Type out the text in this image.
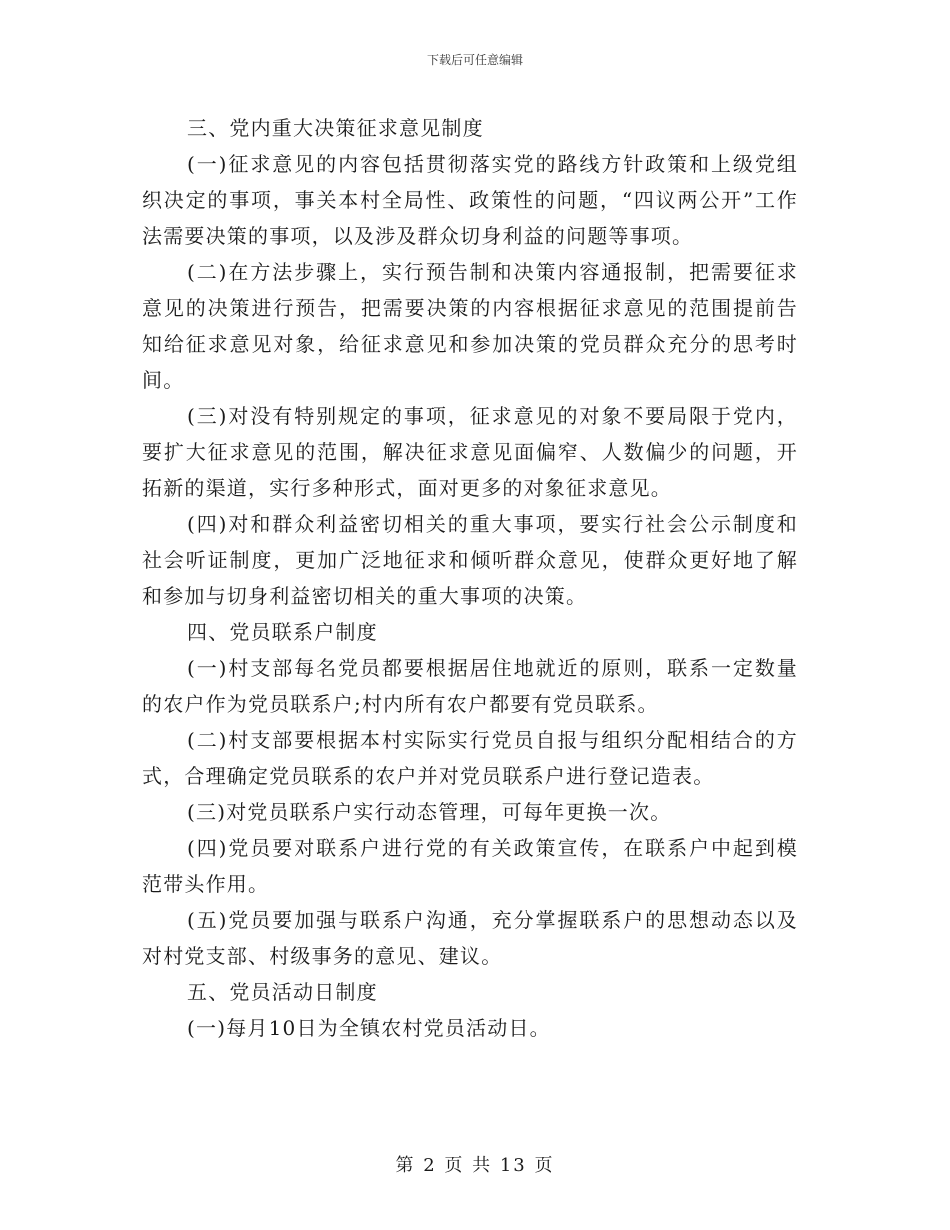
下载后可任意编辑

三、党内重大决策征求意见制度

(一)征求意见的内容包括贯彻落实党的路线方针政策和上级党组织决定的事项，事关本村全局性、政策性的问题，“四议两公开”工作法需要决策的事项，以及涉及群众切身利益的问题等事项。

(二)在方法步骤上，实行预告制和决策内容通报制，把需要征求意见的决策进行预告，把需要决策的内容根据征求意见的范围提前告知给征求意见对象，给征求意见和参加决策的党员群众充分的思考时间。

(三)对没有特别规定的事项，征求意见的对象不要局限于党内，要扩大征求意见的范围，解决征求意见面偏窄、人数偏少的问题，开拓新的渠道，实行多种形式，面对更多的对象征求意见。

(四)对和群众利益密切相关的重大事项，要实行社会公示制度和社会听证制度，更加广泛地征求和倾听群众意见，使群众更好地了解和参加与切身利益密切相关的重大事项的决策。

四、党员联系户制度

(一)村支部每名党员都要根据居住地就近的原则，联系一定数量的农户作为党员联系户;村内所有农户都要有党员联系。

(二)村支部要根据本村实际实行党员自报与组织分配相结合的方式，合理确定党员联系的农户并对党员联系户进行登记造表。

(三)对党员联系户实行动态管理，可每年更换一次。

(四)党员要对联系户进行党的有关政策宣传，在联系户中起到模范带头作用。

(五)党员要加强与联系户沟通，充分掌握联系户的思想动态以及对村党支部、村级事务的意见、建议。

五、党员活动日制度

(一)每月10日为全镇农村党员活动日。

第 2 页 共 13 页
